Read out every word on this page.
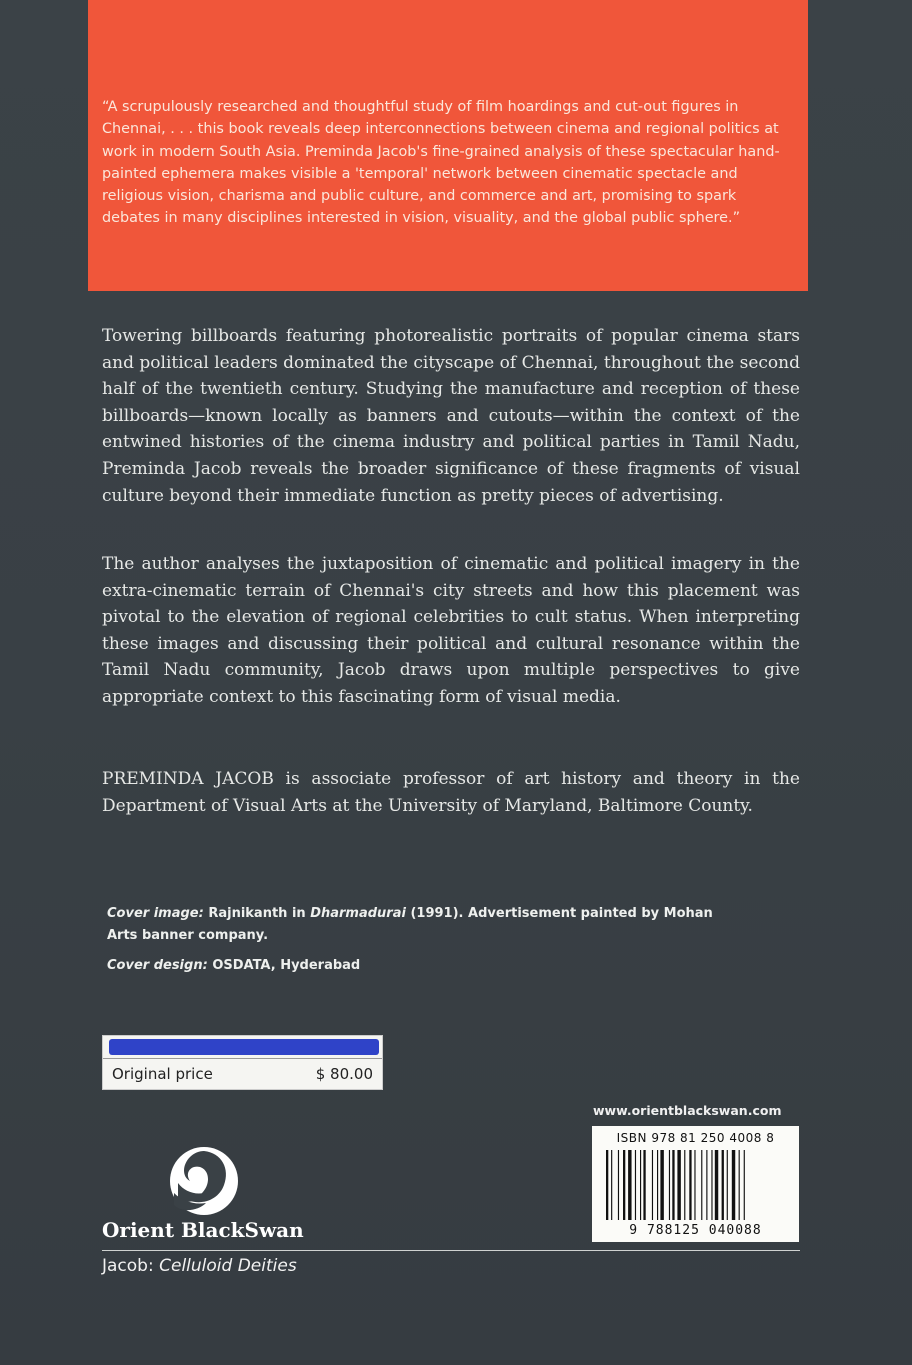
“A scrupulously researched and thoughtful study of film hoardings and cut-out figures in Chennai, . . . this book reveals deep interconnections between cinema and regional politics at work in modern South Asia. Preminda Jacob's fine-grained analysis of these spectacular hand-painted ephemera makes visible a 'temporal' network between cinematic spectacle and religious vision, charisma and public culture, and commerce and art, promising to spark debates in many disciplines interested in vision, visuality, and the global public sphere.”

Towering billboards featuring photorealistic portraits of popular cinema stars and political leaders dominated the cityscape of Chennai, throughout the second half of the twentieth century. Studying the manufacture and reception of these billboards—known locally as banners and cutouts—within the context of the entwined histories of the cinema industry and political parties in Tamil Nadu, Preminda Jacob reveals the broader significance of these fragments of visual culture beyond their immediate function as pretty pieces of advertising.

The author analyses the juxtaposition of cinematic and political imagery in the extra-cinematic terrain of Chennai's city streets and how this placement was pivotal to the elevation of regional celebrities to cult status. When interpreting these images and discussing their political and cultural resonance within the Tamil Nadu community, Jacob draws upon multiple perspectives to give appropriate context to this fascinating form of visual media.

PREMINDA JACOB is associate professor of art history and theory in the Department of Visual Arts at the University of Maryland, Baltimore County.

Cover image: Rajnikanth in Dharmadurai (1991). Advertisement painted by Mohan Arts banner company.

Cover design: OSDATA, Hyderabad

Original price	$ 80.00
www.orientblackswan.com
ISBN 978 81 250 4008 8
9 788125 040088
Orient BlackSwan
Jacob: Celluloid Deities
